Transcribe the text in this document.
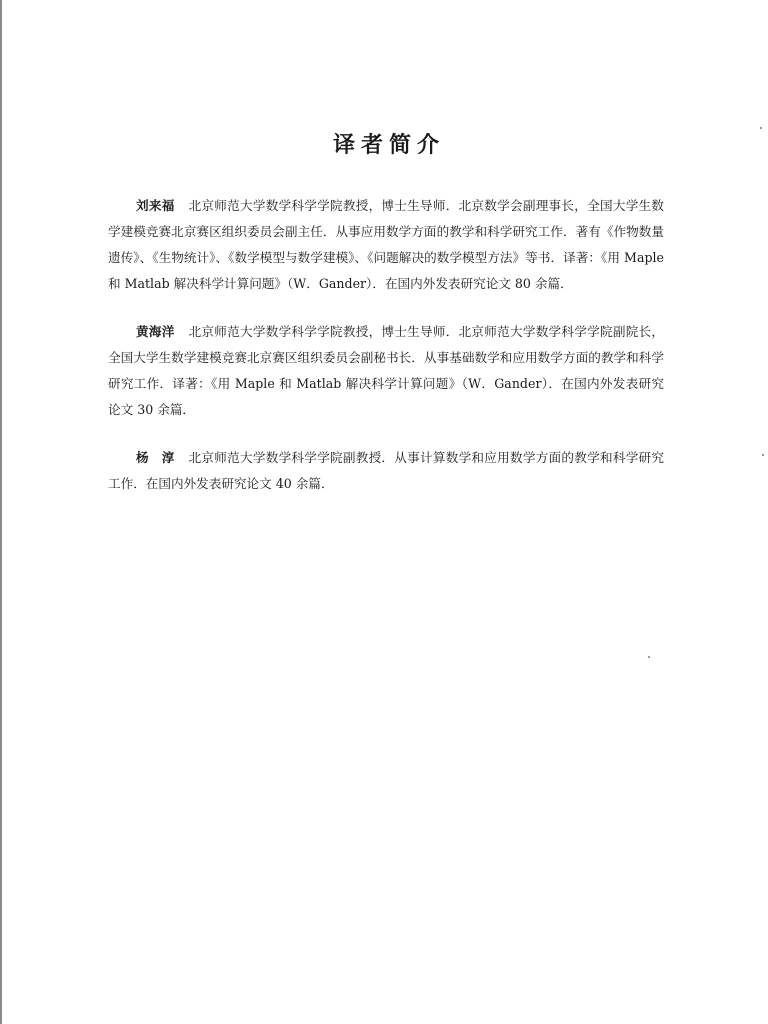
译者简介

刘来福 北京师范大学数学科学学院教授，博士生导师．北京数学会副理事长，全国大学生数学建模竞赛北京赛区组织委员会副主任．从事应用数学方面的教学和科学研究工作．著有《作物数量遗传》、《生物统计》、《数学模型与数学建模》、《问题解决的数学模型方法》等书．译著：《用 Maple 和 Matlab 解决科学计算问题》（W．Gander）．在国内外发表研究论文 80 余篇．

黄海洋 北京师范大学数学科学学院教授，博士生导师．北京师范大学数学科学学院副院长，全国大学生数学建模竞赛北京赛区组织委员会副秘书长．从事基础数学和应用数学方面的教学和科学研究工作．译著：《用 Maple 和 Matlab 解决科学计算问题》（W．Gander）．在国内外发表研究论文 30 余篇．

杨　淳 北京师范大学数学科学学院副教授．从事计算数学和应用数学方面的教学和科学研究工作．在国内外发表研究论文 40 余篇．
